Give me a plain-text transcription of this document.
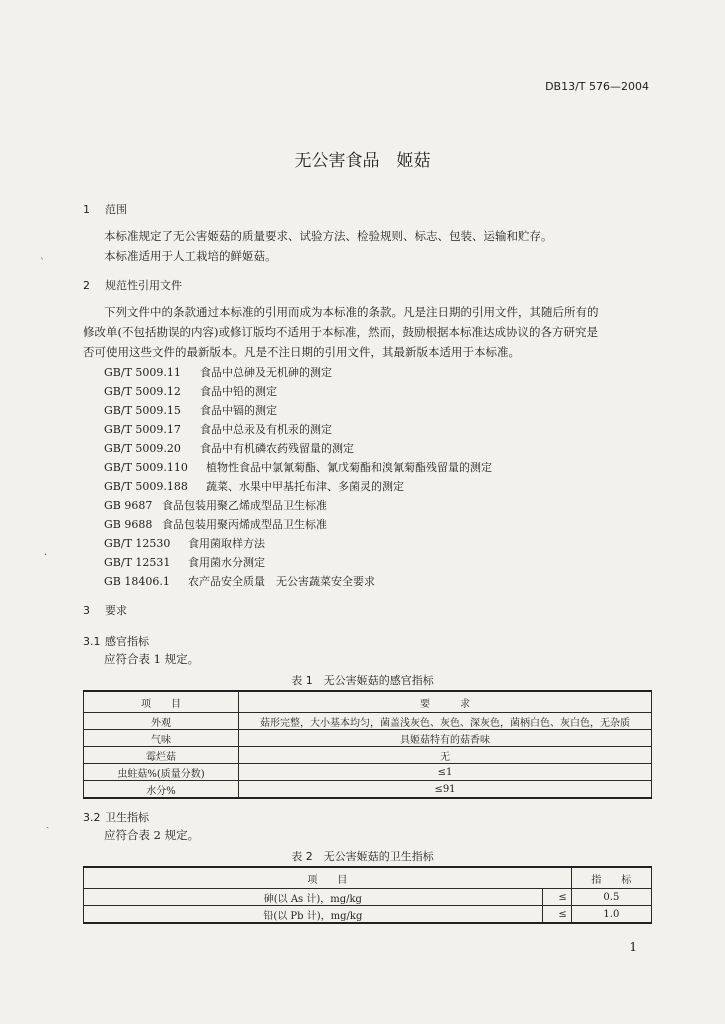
DB13/T 576—2004
无公害食品　姬菇
1 范围
本标准规定了无公害姬菇的质量要求、试验方法、检验规则、标志、包装、运输和贮存。
本标准适用于人工栽培的鲜姬菇。
2 规范性引用文件
下列文件中的条款通过本标准的引用而成为本标准的条款。凡是注日期的引用文件，其随后所有的
修改单(不包括勘误的内容)或修订版均不适用于本标准，然而，鼓励根据本标准达成协议的各方研究是
否可使用这些文件的最新版本。凡是不注日期的引用文件，其最新版本适用于本标准。
GB/T 5009.11 食品中总砷及无机砷的测定
GB/T 5009.12 食品中铅的测定
GB/T 5009.15 食品中镉的测定
GB/T 5009.17 食品中总汞及有机汞的测定
GB/T 5009.20 食品中有机磷农药残留量的测定
GB/T 5009.110 植物性食品中氯氰菊酯、氰戊菊酯和溴氰菊酯残留量的测定
GB/T 5009.188 蔬菜、水果中甲基托布津、多菌灵的测定
GB 9687 食品包装用聚乙烯成型品卫生标准
GB 9688 食品包装用聚丙烯成型品卫生标准
GB/T 12530 食用菌取样方法
GB/T 12531 食用菌水分测定
GB 18406.1 农产品安全质量　无公害蔬菜安全要求
3 要求
3.1 感官指标
应符合表 1 规定。
表 1　无公害姬菇的感官指标
项　　目	要　　　求
外观	菇形完整，大小基本均匀，菌盖浅灰色、灰色、深灰色，菌柄白色、灰白色，无杂质
气味	具姬菇特有的菇香味
霉烂菇	无
虫蛀菇%(质量分数)	≤1
水分%	≤91
3.2 卫生指标
应符合表 2 规定。
表 2　无公害姬菇的卫生指标
项　　目		指　　标
砷(以 As 计)，mg/kg	≤	0.5
铅(以 Pb 计)，mg/kg	≤	1.0
1
ˋ
·
ˎ
